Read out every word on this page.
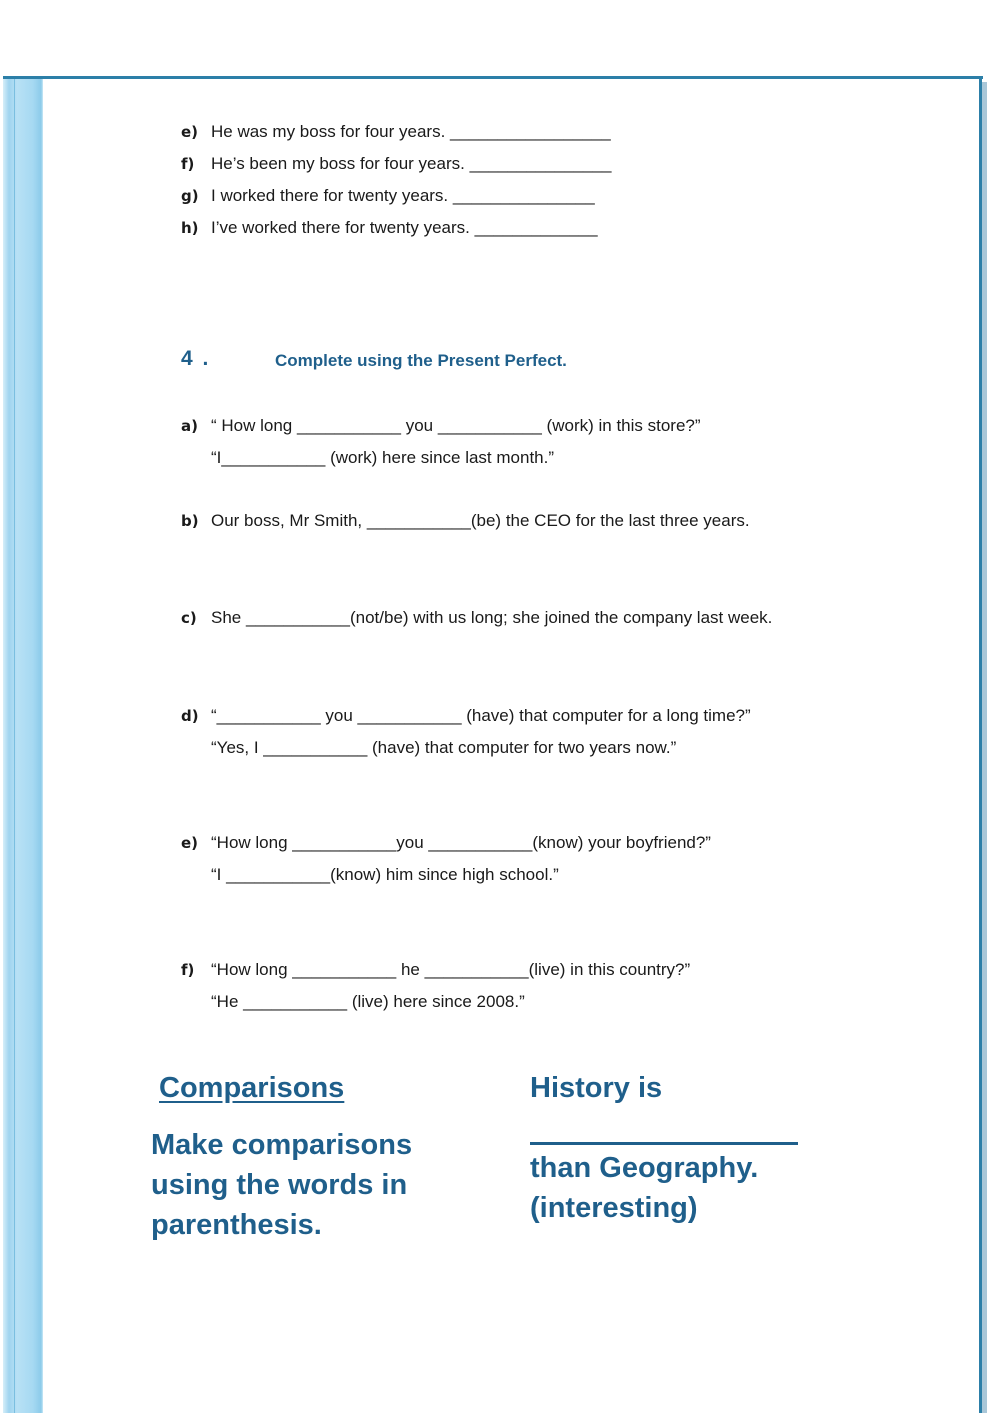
e) He was my boss for four years. _________________
f) He’s been my boss for four years. _______________
g) I worked there for twenty years. _______________
h) I’ve worked there for twenty years. _____________
4 .	Complete using the Present Perfect.
a) “ How long ___________ you ___________ (work) in this store?”
“I___________ (work) here since last month.”
b) Our boss, Mr Smith, ___________(be) the CEO for the last three years.
c) She ___________(not/be) with us long; she joined the company last week.
d) “___________ you ___________ (have) that computer for a long time?”
“Yes, I ___________ (have) that computer for two years now.”
e) “How long ___________you ___________(know) your boyfriend?”
“I ___________(know) him since high school.”
f) “How long ___________ he ___________(live) in this country?”
“He ___________ (live) here since 2008.”
Comparisons
Make comparisons using the words in parenthesis.
History is
than Geography. (interesting)
